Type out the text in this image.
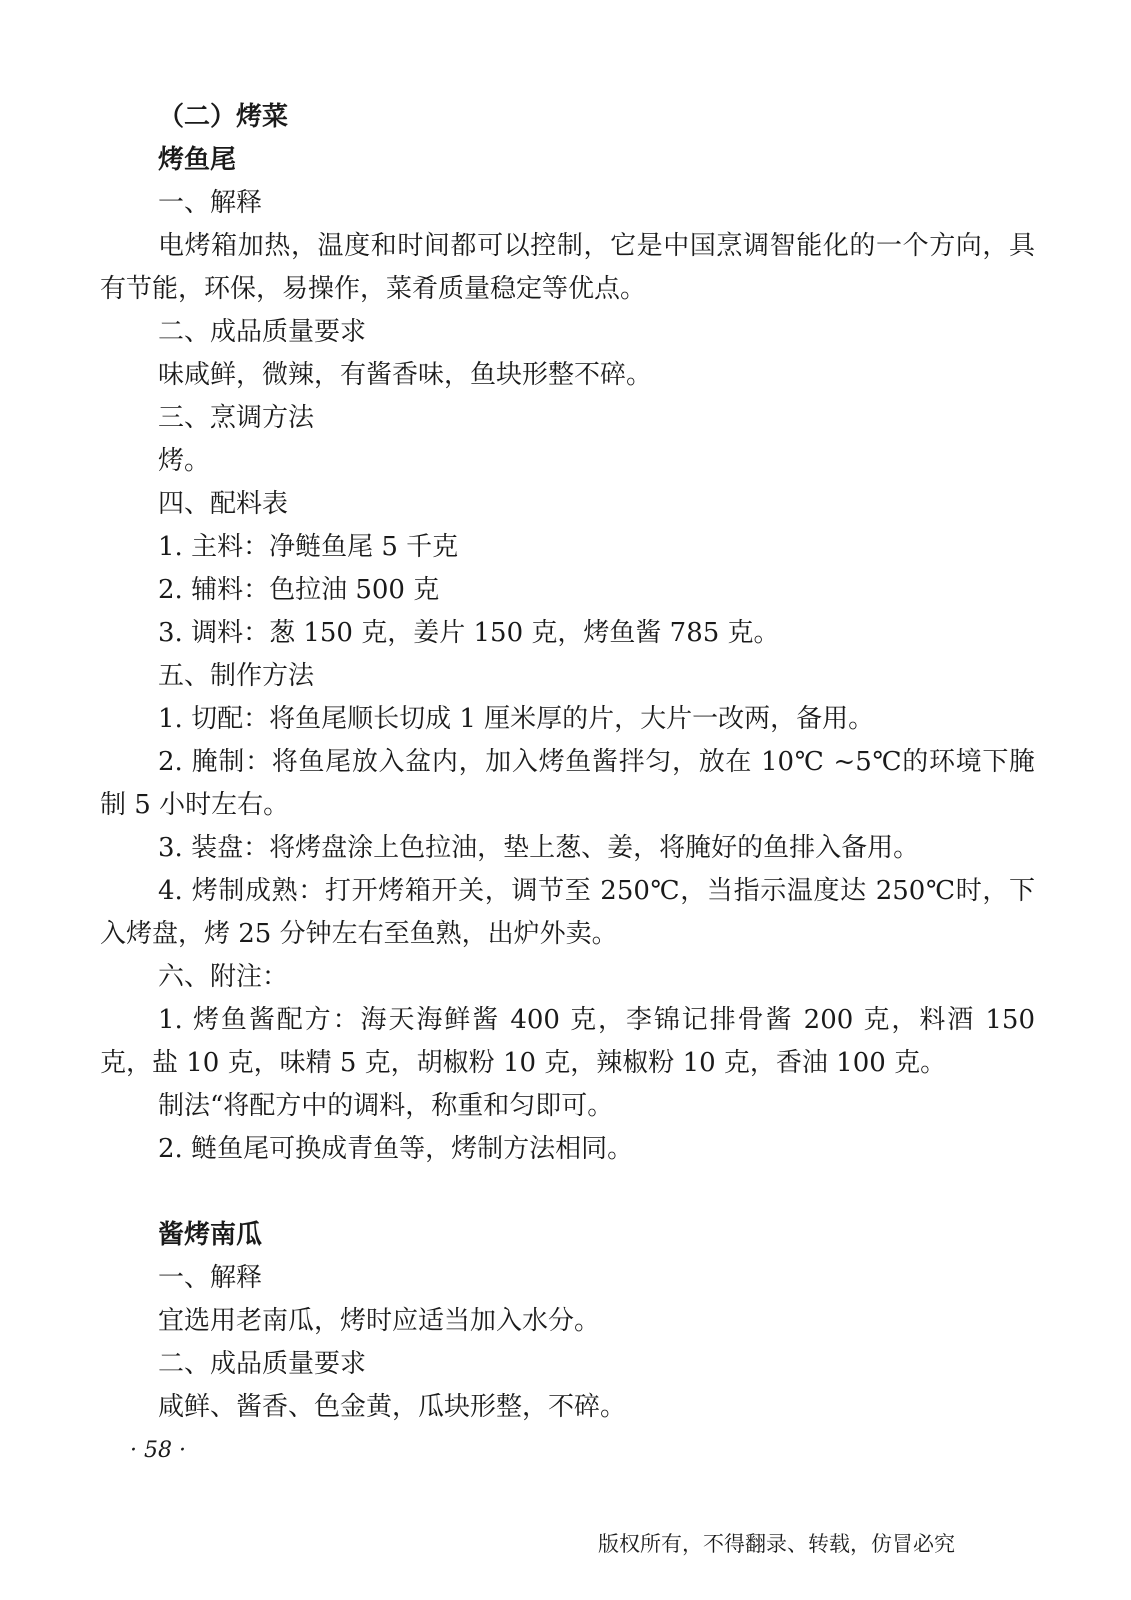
（二）烤菜
烤鱼尾
一、解释

电烤箱加热，温度和时间都可以控制，它是中国烹调智能化的一个方向，具有节能，环保，易操作，菜肴质量稳定等优点。

二、成品质量要求
味咸鲜，微辣，有酱香味，鱼块形整不碎。
三、烹调方法
烤。
四、配料表
1. 主料：净鲢鱼尾 5 千克
2. 辅料：色拉油 500 克
3. 调料：葱 150 克，姜片 150 克，烤鱼酱 785 克。
五、制作方法
1. 切配：将鱼尾顺长切成 1 厘米厚的片，大片一改两，备用。

2. 腌制：将鱼尾放入盆内，加入烤鱼酱拌匀，放在 10℃ ~5℃的环境下腌制 5 小时左右。

3. 装盘：将烤盘涂上色拉油，垫上葱、姜，将腌好的鱼排入备用。

4. 烤制成熟：打开烤箱开关，调节至 250℃，当指示温度达 250℃时，下入烤盘，烤 25 分钟左右至鱼熟，出炉外卖。

六、附注：

1. 烤鱼酱配方：海天海鲜酱 400 克，李锦记排骨酱 200 克，料酒 150 克，盐 10 克，味精 5 克，胡椒粉 10 克，辣椒粉 10 克，香油 100 克。

制法“将配方中的调料，称重和匀即可。
2. 鲢鱼尾可换成青鱼等，烤制方法相同。
酱烤南瓜
一、解释
宜选用老南瓜，烤时应适当加入水分。
二、成品质量要求
咸鲜、酱香、色金黄，瓜块形整，不碎。
· 58 ·
版权所有，不得翻录、转载，仿冒必究
